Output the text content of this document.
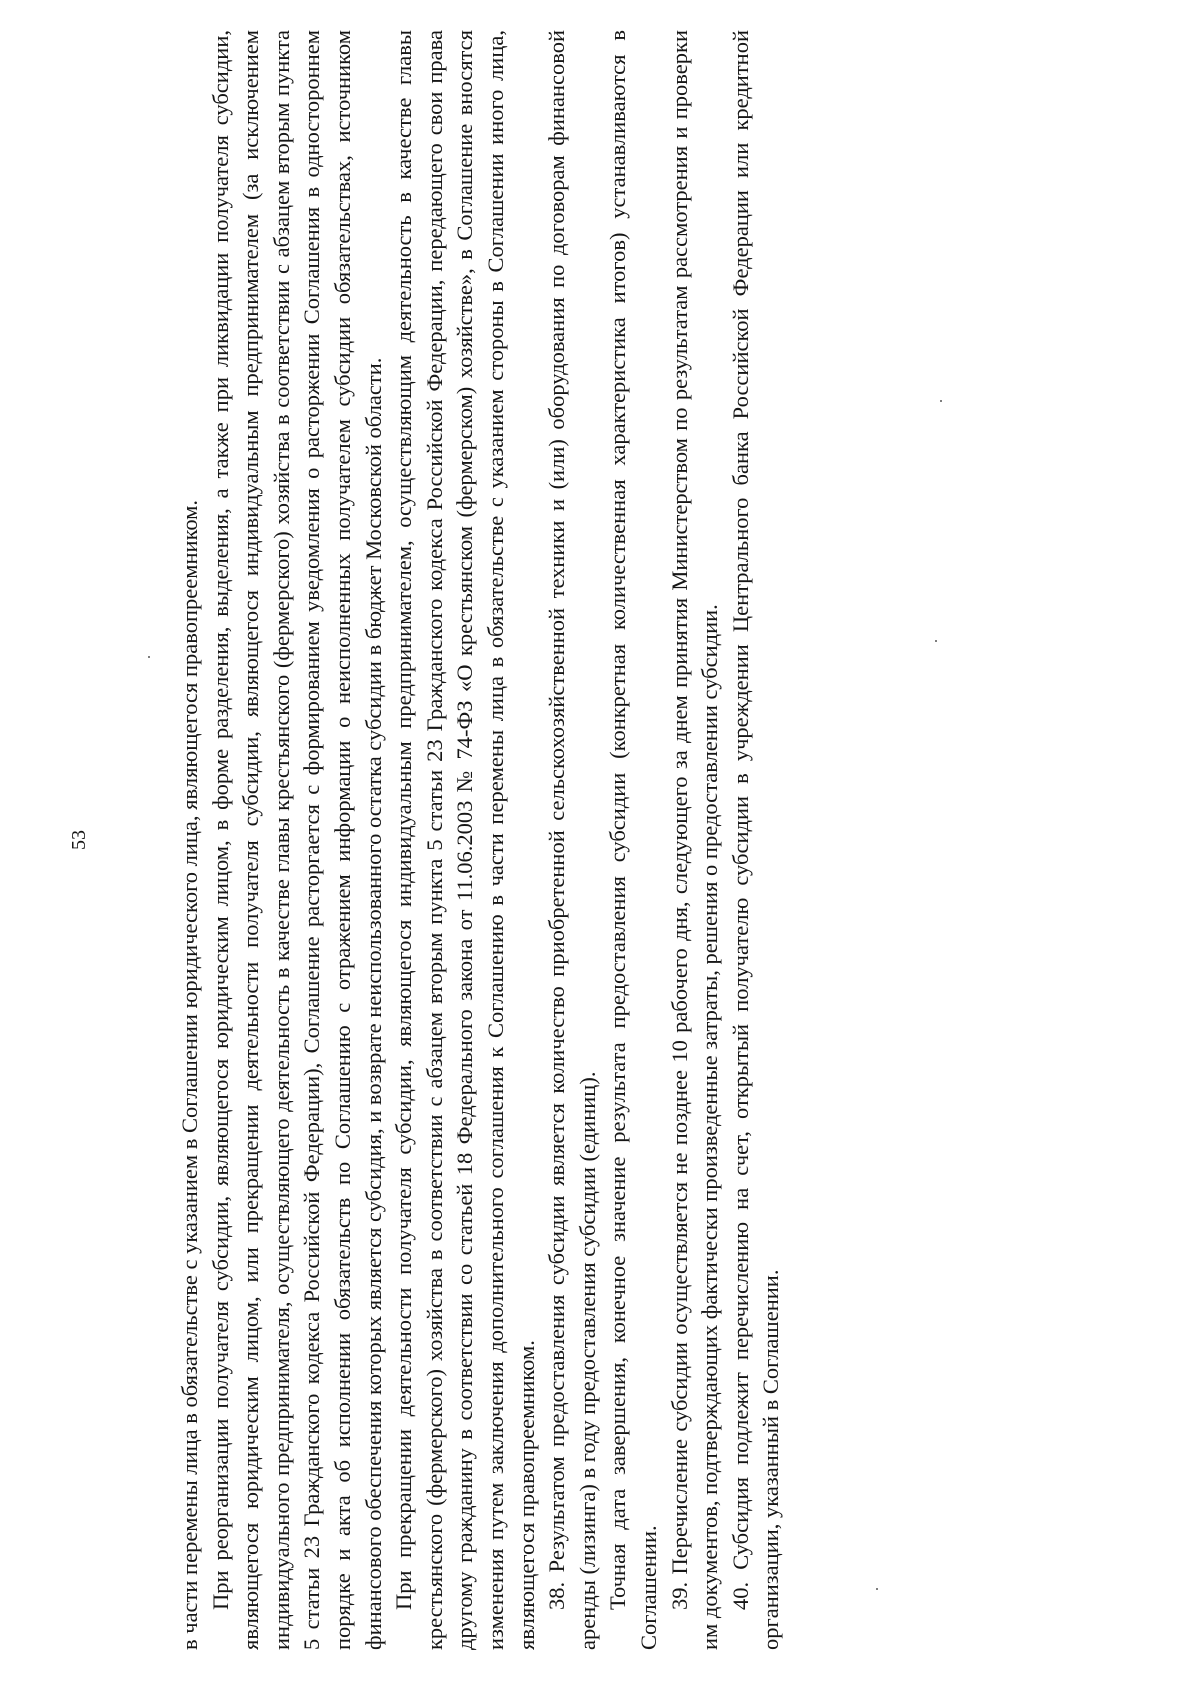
53	в части перемены лица в обязательстве с указанием в Соглашении юридического лица, являющегося правопреемником. При реорганизации получателя субсидии, являющегося юридическим лицом, в форме разделения, выделения, а также при ликвидации получателя субсидии, являющегося юридическим лицом, или прекращении деятельности получателя субсидии, являющегося индивидуальным предпринимателем (за исключением индивидуального предпринимателя, осуществляющего деятельность в качестве главы крестьянского (фермерского) хозяйства в соответствии с абзацем вторым пункта 5 статьи 23 Гражданского кодекса Российской Федерации), Соглашение расторгается с формированием уведомления о расторжении Соглашения в одностороннем порядке и акта об исполнении обязательств по Соглашению с отражением информации о неисполненных получателем субсидии обязательствах, источником финансового обеспечения которых является субсидия, и возврате неиспользованного остатка субсидии в бюджет Московской области. При прекращении деятельности получателя субсидии, являющегося индивидуальным предпринимателем, осуществляющим деятельность в качестве главы крестьянского (фермерского) хозяйства в соответствии с абзацем вторым пункта 5 статьи 23 Гражданского кодекса Российской Федерации, передающего свои права другому гражданину в соответствии со статьей 18 Федерального закона от 11.06.2003 № 74-ФЗ «О крестьянском (фермерском) хозяйстве», в Соглашение вносятся изменения путем заключения дополнительного соглашения к Соглашению в части перемены лица в обязательстве с указанием стороны в Соглашении иного лица, являющегося правопреемником. 38. Результатом предоставления субсидии является количество приобретенной сельскохозяйственной техники и (или) оборудования по договорам финансовой аренды (лизинга) в году предоставления субсидии (единиц). Точная дата завершения, конечное значение результата предоставления субсидии (конкретная количественная характеристика итогов) устанавливаются в Соглашении. 39. Перечисление субсидии осуществляется не позднее 10 рабочего дня, следующего за днем принятия Министерством по результатам рассмотрения и проверки им документов, подтверждающих фактически произведенные затраты, решения о предоставлении субсидии. 40. Субсидия подлежит перечислению на счет, открытый получателю субсидии в учреждении Центрального банка Российской Федерации или кредитной организации, указанный в Соглашении.
